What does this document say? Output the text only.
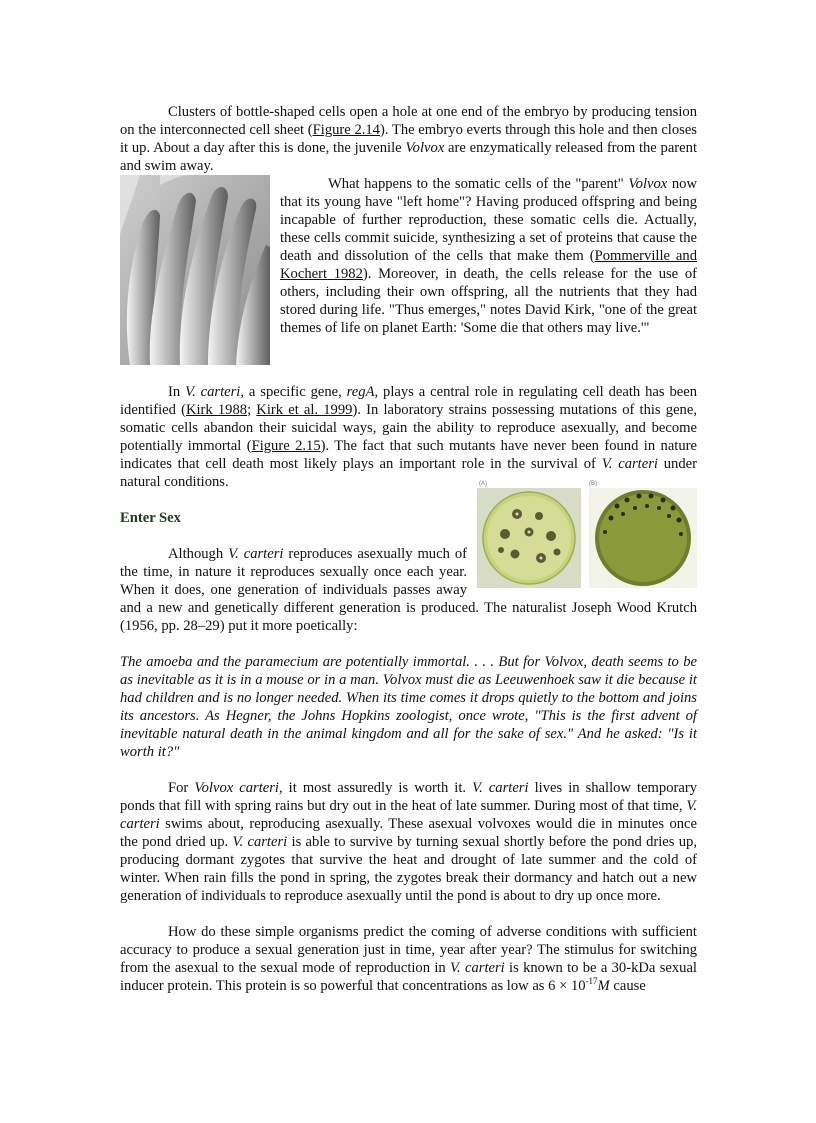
Clusters of bottle-shaped cells open a hole at one end of the embryo by producing tension on the interconnected cell sheet (Figure 2.14). The embryo everts through this hole and then closes it up. About a day after this is done, the juvenile Volvox are enzymatically released from the parent and swim away.

What happens to the somatic cells of the "parent" Volvox now that its young have "left home"? Having produced offspring and being incapable of further reproduction, these somatic cells die. Actually, these cells commit suicide, synthesizing a set of proteins that cause the death and dissolution of the cells that make them (Pommerville and Kochert 1982). Moreover, in death, the cells release for the use of others, including their own offspring, all the nutrients that they had stored during life. "Thus emerges," notes David Kirk, "one of the great themes of life on planet Earth: 'Some die that others may live.'"

In V. carteri, a specific gene, regA, plays a central role in regulating cell death has been identified (Kirk 1988; Kirk et al. 1999). In laboratory strains possessing mutations of this gene, somatic cells abandon their suicidal ways, gain the ability to reproduce asexually, and become potentially immortal (Figure 2.15). The fact that such mutants have never been found in nature indicates that cell death most likely plays an important role in the survival of
(A)	(B)
V. carteri under natural conditions.

Enter Sex

Although V. carteri reproduces asexually much of the time, in nature it reproduces sexually once each year. When it does, one generation of individuals passes away and a new and genetically different generation is produced. The naturalist Joseph Wood Krutch (1956, pp. 28–29) put it more poetically:

The amoeba and the paramecium are potentially immortal. . . . But for Volvox, death seems to be as inevitable as it is in a mouse or in a man. Volvox must die as Leeuwenhoek saw it die because it had children and is no longer needed. When its time comes it drops quietly to the bottom and joins its ancestors. As Hegner, the Johns Hopkins zoologist, once wrote, "This is the first advent of inevitable natural death in the animal kingdom and all for the sake of sex." And he asked: "Is it worth it?"

For Volvox carteri, it most assuredly is worth it. V. carteri lives in shallow temporary ponds that fill with spring rains but dry out in the heat of late summer. During most of that time, V. carteri swims about, reproducing asexually. These asexual volvoxes would die in minutes once the pond dried up. V. carteri is able to survive by turning sexual shortly before the pond dries up, producing dormant zygotes that survive the heat and drought of late summer and the cold of winter. When rain fills the pond in spring, the zygotes break their dormancy and hatch out a new generation of individuals to reproduce asexually until the pond is about to dry up once more.

How do these simple organisms predict the coming of adverse conditions with sufficient accuracy to produce a sexual generation just in time, year after year? The stimulus for switching from the asexual to the sexual mode of reproduction in V. carteri is known to be a 30-kDa sexual inducer protein. This protein is so powerful that concentrations as low as $6 \times 10^{-17}M$ cause
